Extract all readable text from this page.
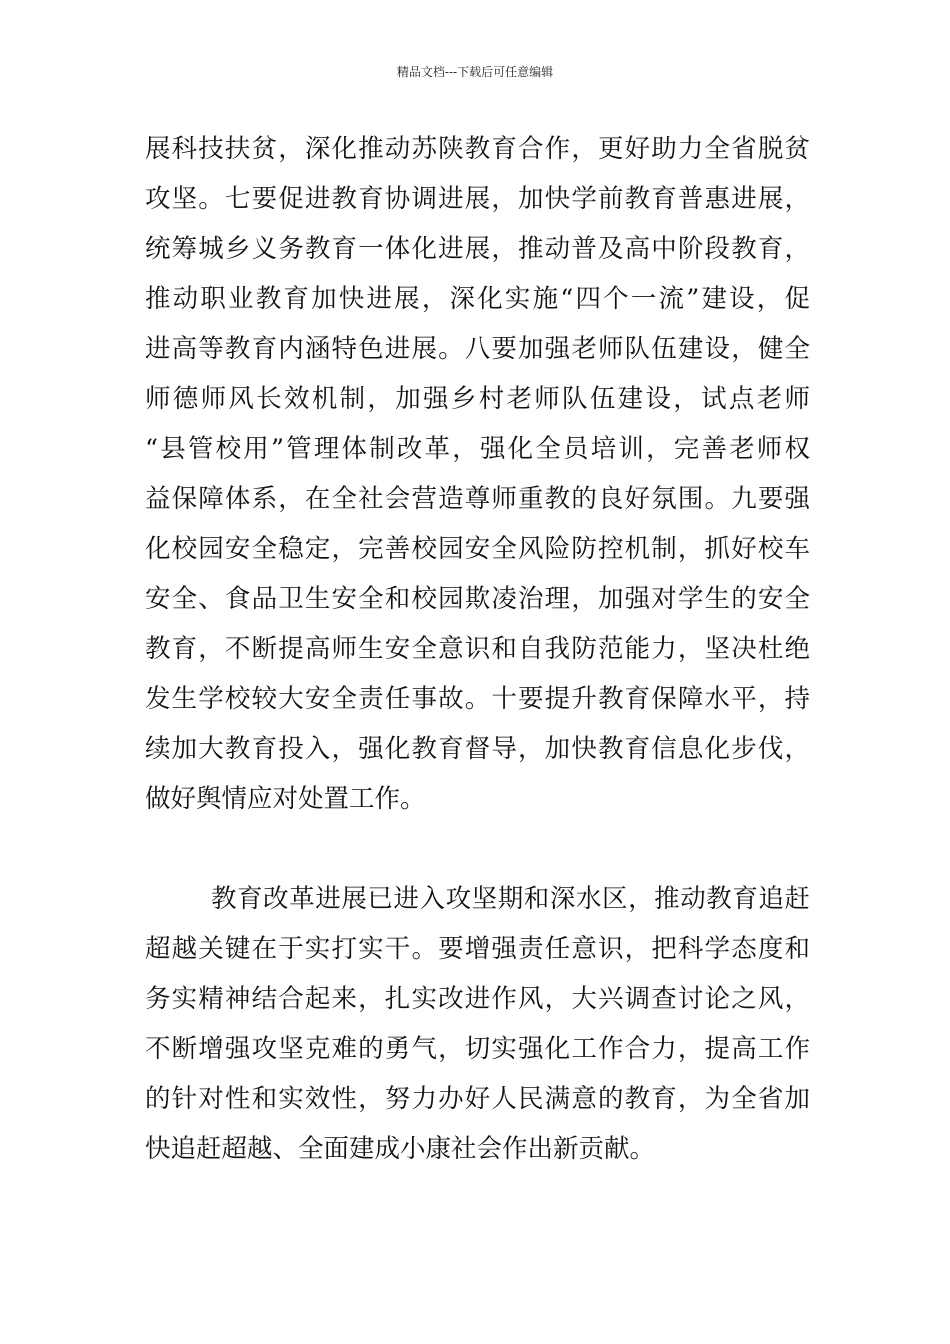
精品文档---下载后可任意编辑
展科技扶贫，深化推动苏陕教育合作，更好助力全省脱贫
攻坚。七要促进教育协调进展，加快学前教育普惠进展，
统筹城乡义务教育一体化进展，推动普及高中阶段教育，
推动职业教育加快进展，深化实施“四个一流”建设，促
进高等教育内涵特色进展。八要加强老师队伍建设，健全
师德师风长效机制，加强乡村老师队伍建设，试点老师
“县管校用”管理体制改革，强化全员培训，完善老师权
益保障体系，在全社会营造尊师重教的良好氛围。九要强
化校园安全稳定，完善校园安全风险防控机制，抓好校车
安全、食品卫生安全和校园欺凌治理，加强对学生的安全
教育，不断提高师生安全意识和自我防范能力，坚决杜绝
发生学校较大安全责任事故。十要提升教育保障水平，持
续加大教育投入，强化教育督导，加快教育信息化步伐，
做好舆情应对处置工作。
教育改革进展已进入攻坚期和深水区，推动教育追赶
超越关键在于实打实干。要增强责任意识，把科学态度和
务实精神结合起来，扎实改进作风，大兴调查讨论之风，
不断增强攻坚克难的勇气，切实强化工作合力，提高工作
的针对性和实效性，努力办好人民满意的教育，为全省加
快追赶超越、全面建成小康社会作出新贡献。
